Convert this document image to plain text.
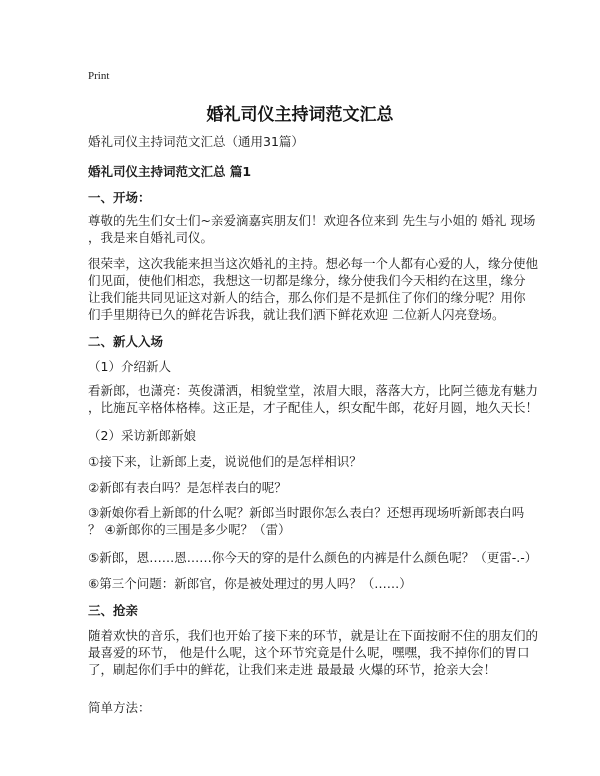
Print
婚礼司仪主持词范文汇总
婚礼司仪主持词范文汇总（通用31篇）
婚礼司仪主持词范文汇总 篇1
一、开场：
尊敬的先生们女士们~亲爱滴嘉宾朋友们！欢迎各位来到 先生与小姐的 婚礼 现场
，我是来自婚礼司仪。
很荣幸，这次我能来担当这次婚礼的主持。想必每一个人都有心爱的人，缘分使他
们见面，使他们相恋，我想这一切都是缘分，缘分使我们今天相约在这里，缘分
让我们能共同见证这对新人的结合，那么你们是不是抓住了你们的缘分呢？用你
们手里期待已久的鲜花告诉我，就让我们洒下鲜花欢迎 二位新人闪亮登场。
二、新人入场
（1）介绍新人
看新郎，也潇亮：英俊潇洒，相貌堂堂，浓眉大眼，落落大方，比阿兰德龙有魅力
，比施瓦辛格体格棒。这正是，才子配佳人，织女配牛郎，花好月圆，地久天长！
（2）采访新郎新娘
①接下来，让新郎上麦，说说他们的是怎样相识？
②新郎有表白吗？是怎样表白的呢？
③新娘你看上新郎的什么呢？新郎当时跟你怎么表白？还想再现场听新郎表白吗
？ ④新郎你的三围是多少呢？（雷）
⑤新郎，恩……恩……你今天的穿的是什么颜色的内裤是什么颜色呢？（更雷-.-）
⑥第三个问题：新郎官，你是被处理过的男人吗？（……）
三、抢亲
随着欢快的音乐，我们也开始了接下来的环节，就是让在下面按耐不住的朋友们的
最喜爱的环节， 他是什么呢，这个环节究竟是什么呢，嘿嘿，我不掉你们的胃口
了，刷起你们手中的鲜花，让我们来走进 最最最 火爆的环节，抢亲大会！
简单方法：
